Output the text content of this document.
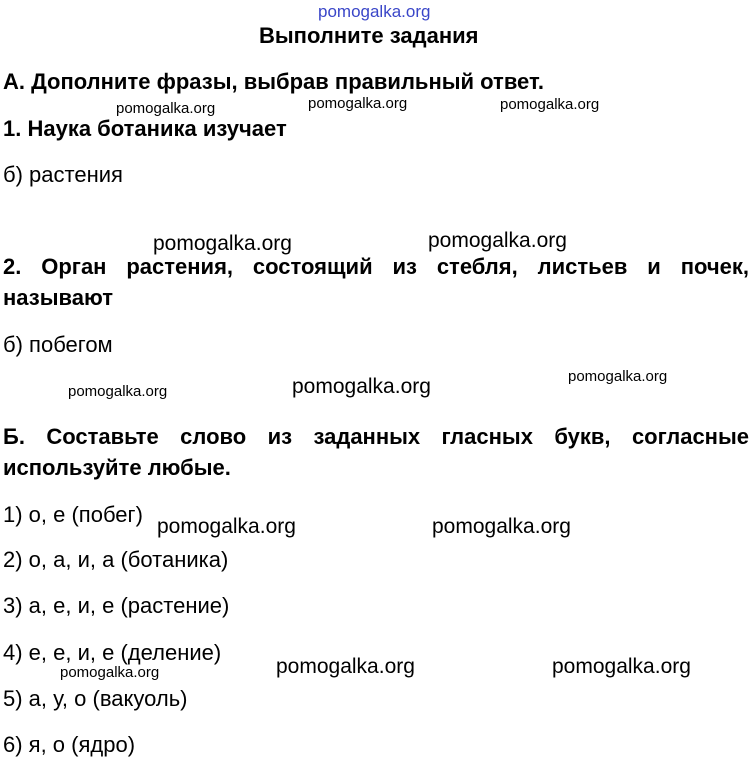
pomogalka.org
Выполните задания
А. Дополните фразы, выбрав правильный ответ.
pomogalka.org	pomogalka.org	pomogalka.org
1. Наука ботаника изучает
б) растения
pomogalka.org	pomogalka.org
2. Орган растения, состоящий из стебля, листьев и почек, называют
б) побегом
pomogalka.org	pomogalka.org	pomogalka.org
Б. Составьте слово из заданных гласных букв, согласные используйте любые.
1) о, е (побег) pomogalka.org	pomogalka.org
2) о, а, и, а (ботаника)
3) а, е, и, е (растение)
4) е, е, и, е (деление)
pomogalka.org	pomogalka.org	pomogalka.org
5) а, у, о (вакуоль)
6) я, о (ядро)
